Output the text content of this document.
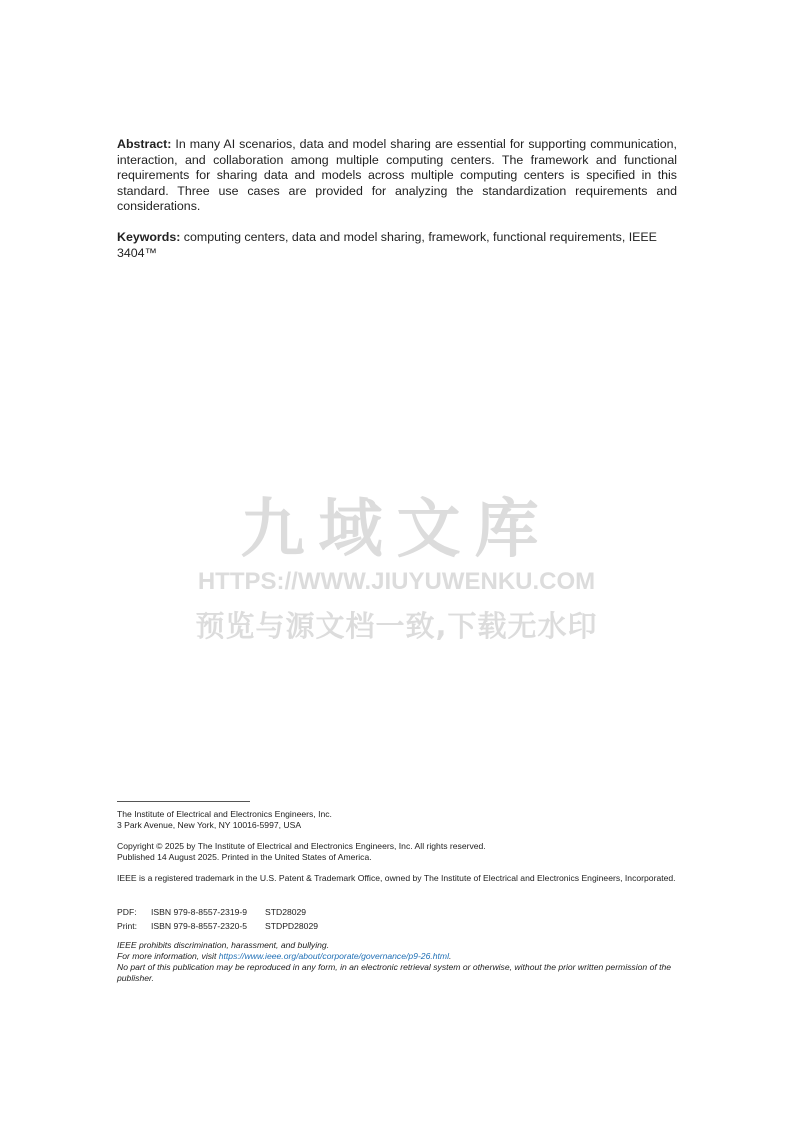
Abstract: In many AI scenarios, data and model sharing are essential for supporting communication, interaction, and collaboration among multiple computing centers. The framework and functional requirements for sharing data and models across multiple computing centers is specified in this standard. Three use cases are provided for analyzing the standardization requirements and considerations.
Keywords: computing centers, data and model sharing, framework, functional requirements, IEEE 3404™
九域文库
HTTPS://WWW.JIUYUWENKU.COM
预览与源文档一致,下载无水印

The Institute of Electrical and Electronics Engineers, Inc.

3 Park Avenue, New York, NY 10016-5997, USA

Copyright © 2025 by The Institute of Electrical and Electronics Engineers, Inc. All rights reserved.

Published 14 August 2025. Printed in the United States of America.

IEEE is a registered trademark in the U.S. Patent & Trademark Office, owned by The Institute of Electrical and Electronics Engineers, Incorporated.

PDF:	ISBN 979-8-8557-2319-9	STD28029
Print:	ISBN 979-8-8557-2320-5	STDPD28029

IEEE prohibits discrimination, harassment, and bullying.

For more information, visit https://www.ieee.org/about/corporate/governance/p9-26.html.

No part of this publication may be reproduced in any form, in an electronic retrieval system or otherwise, without the prior written permission of the publisher.
